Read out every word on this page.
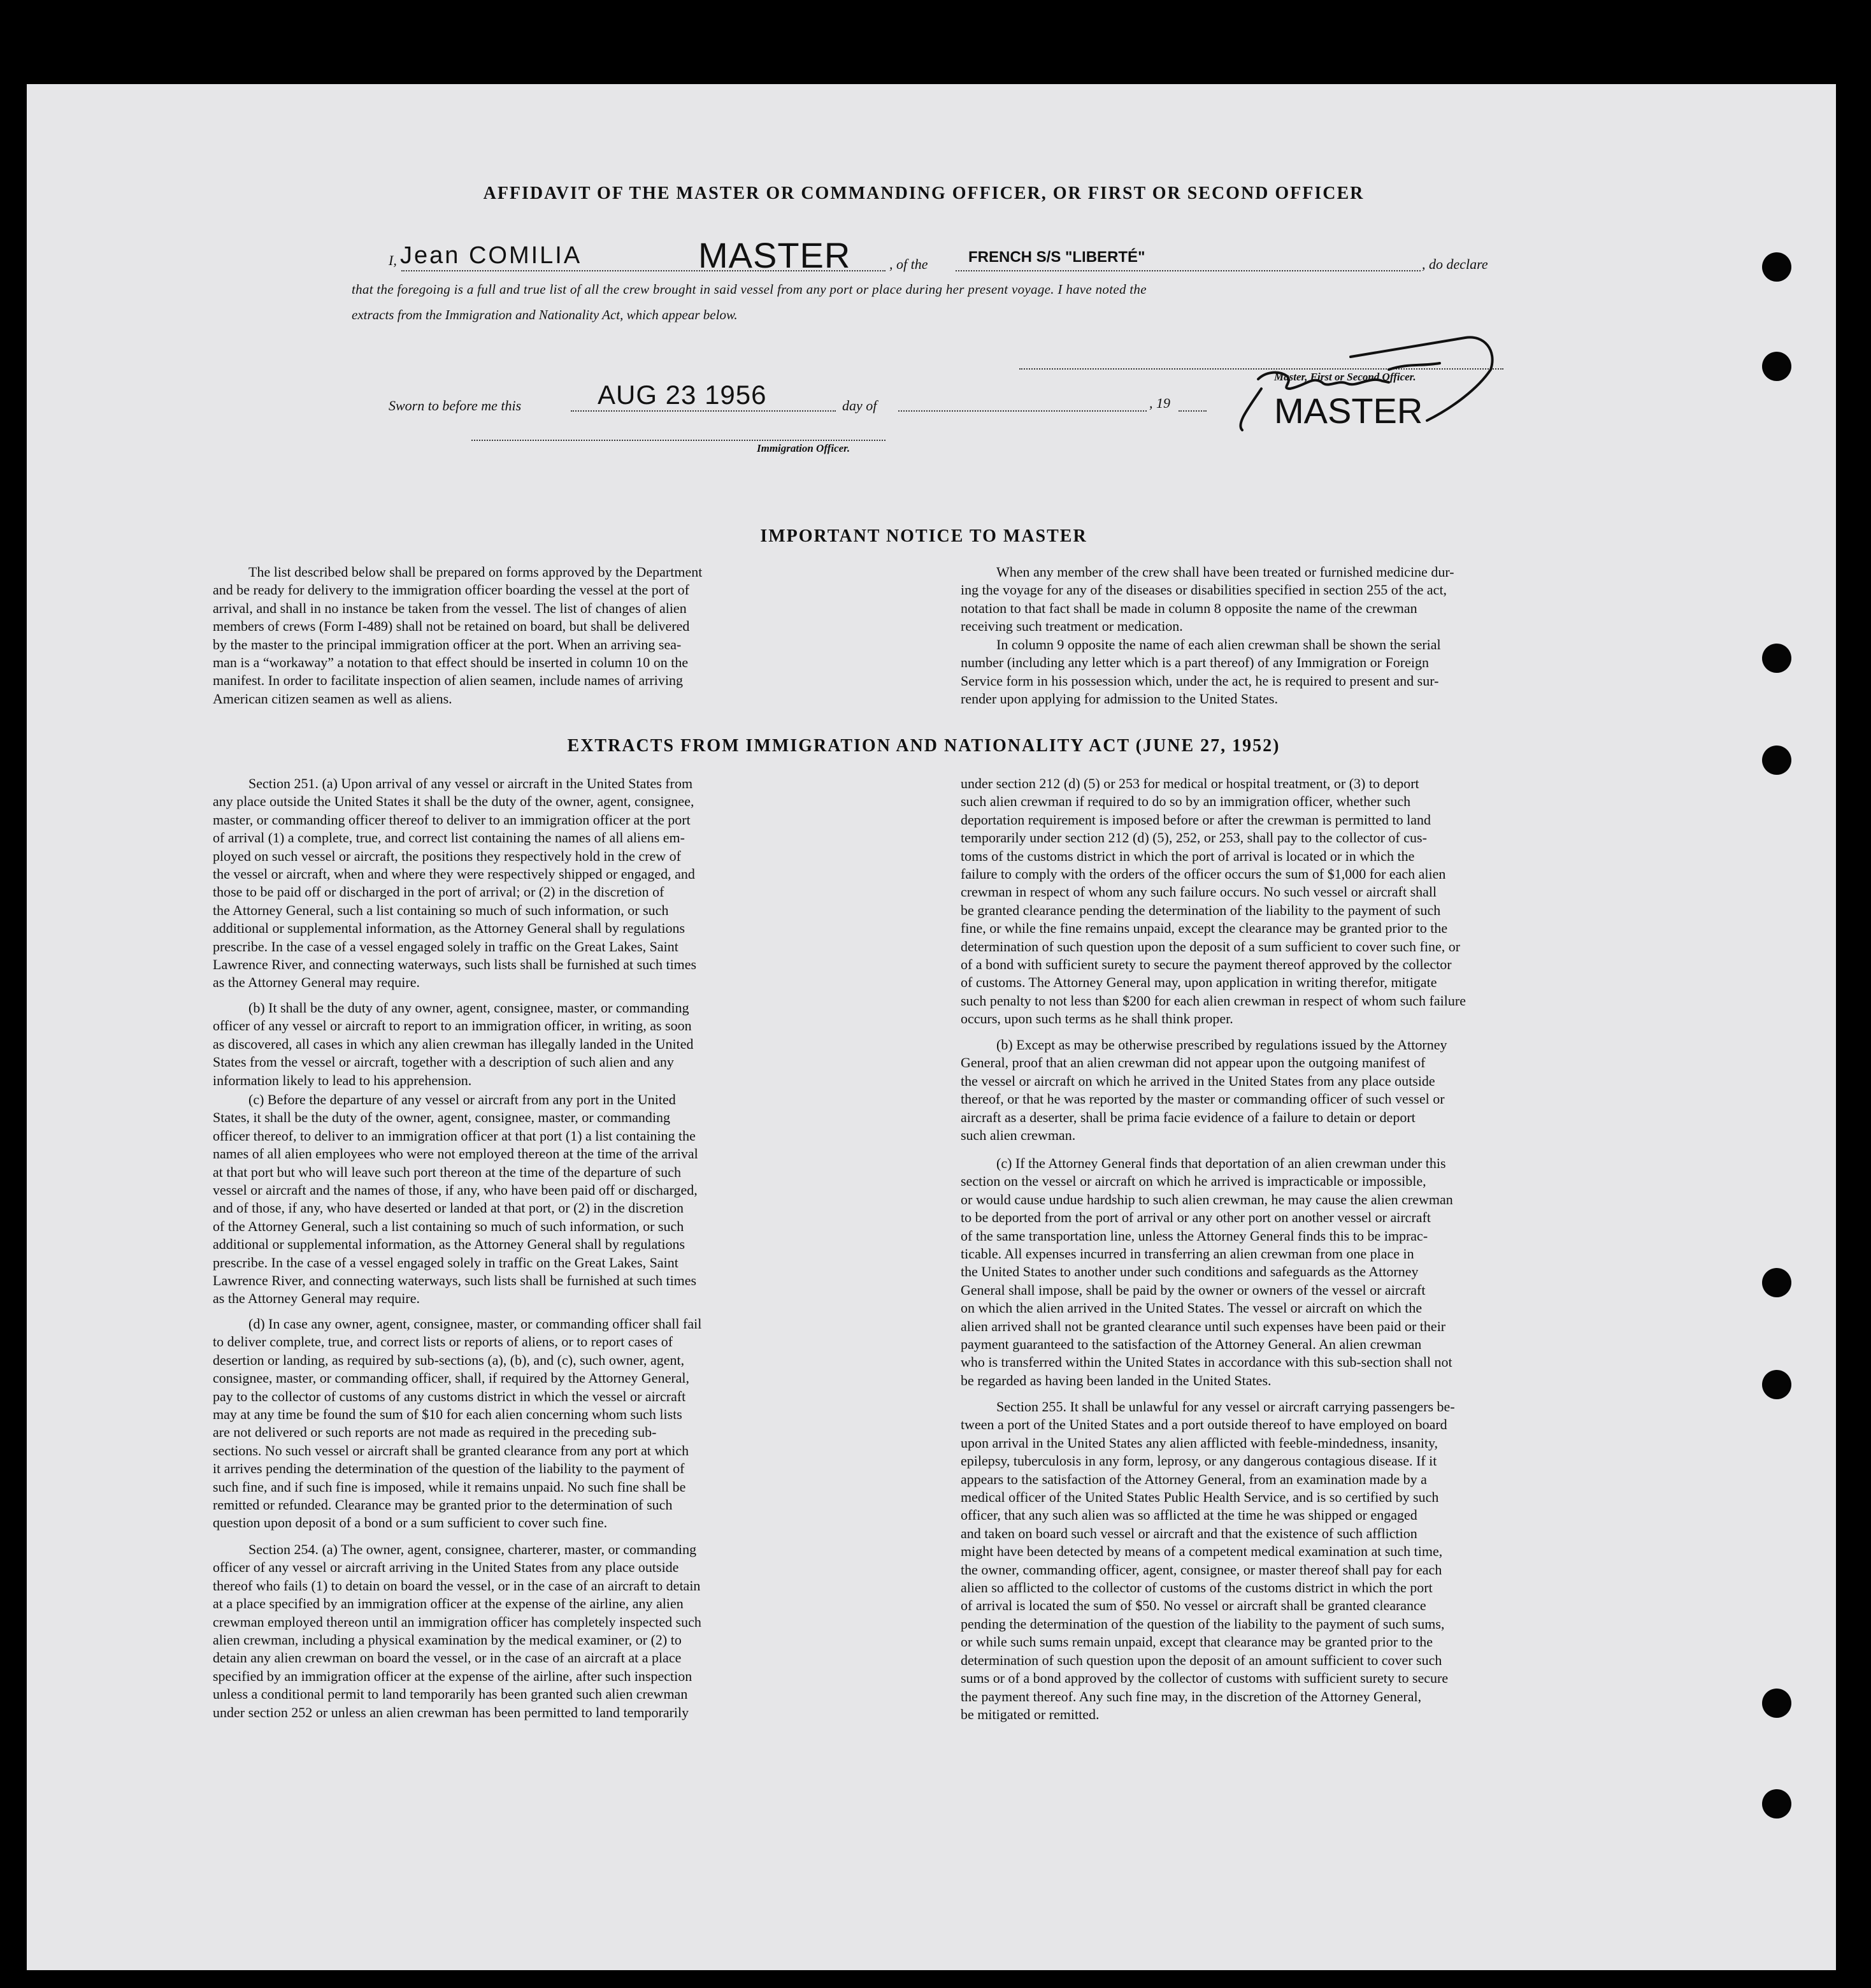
AFFIDAVIT OF THE MASTER OR COMMANDING OFFICER, OR FIRST OR SECOND OFFICER
I, Jean COMILIA	MASTER	, of the	FRENCH S/S "LIBERTÉ"	, do declare
that the foregoing is a full and true list of all the crew brought in said vessel from any port or place during her present voyage. I have noted the
extracts from the Immigration and Nationality Act, which appear below.
Master, First or Second Officer.
Sworn to before me this	AUG 23 1956	day of	, 19	MASTER
Immigration Officer.
IMPORTANT NOTICE TO MASTER
The list described below shall be prepared on forms approved by the Department
and be ready for delivery to the immigration officer boarding the vessel at the port of
arrival, and shall in no instance be taken from the vessel. The list of changes of alien
members of crews (Form I-489) shall not be retained on board, but shall be delivered
by the master to the principal immigration officer at the port. When an arriving sea-
man is a “workaway” a notation to that effect should be inserted in column 10 on the
manifest. In order to facilitate inspection of alien seamen, include names of arriving
American citizen seamen as well as aliens.
When any member of the crew shall have been treated or furnished medicine dur-
ing the voyage for any of the diseases or disabilities specified in section 255 of the act,
notation to that fact shall be made in column 8 opposite the name of the crewman
receiving such treatment or medication.
In column 9 opposite the name of each alien crewman shall be shown the serial
number (including any letter which is a part thereof) of any Immigration or Foreign
Service form in his possession which, under the act, he is required to present and sur-
render upon applying for admission to the United States.
EXTRACTS FROM IMMIGRATION AND NATIONALITY ACT (JUNE 27, 1952)
Section 251. (a) Upon arrival of any vessel or aircraft in the United States from
any place outside the United States it shall be the duty of the owner, agent, consignee,
master, or commanding officer thereof to deliver to an immigration officer at the port
of arrival (1) a complete, true, and correct list containing the names of all aliens em-
ployed on such vessel or aircraft, the positions they respectively hold in the crew of
the vessel or aircraft, when and where they were respectively shipped or engaged, and
those to be paid off or discharged in the port of arrival; or (2) in the discretion of
the Attorney General, such a list containing so much of such information, or such
additional or supplemental information, as the Attorney General shall by regulations
prescribe. In the case of a vessel engaged solely in traffic on the Great Lakes, Saint
Lawrence River, and connecting waterways, such lists shall be furnished at such times
as the Attorney General may require.
(b) It shall be the duty of any owner, agent, consignee, master, or commanding
officer of any vessel or aircraft to report to an immigration officer, in writing, as soon
as discovered, all cases in which any alien crewman has illegally landed in the United
States from the vessel or aircraft, together with a description of such alien and any
information likely to lead to his apprehension.
(c) Before the departure of any vessel or aircraft from any port in the United
States, it shall be the duty of the owner, agent, consignee, master, or commanding
officer thereof, to deliver to an immigration officer at that port (1) a list containing the
names of all alien employees who were not employed thereon at the time of the arrival
at that port but who will leave such port thereon at the time of the departure of such
vessel or aircraft and the names of those, if any, who have been paid off or discharged,
and of those, if any, who have deserted or landed at that port, or (2) in the discretion
of the Attorney General, such a list containing so much of such information, or such
additional or supplemental information, as the Attorney General shall by regulations
prescribe. In the case of a vessel engaged solely in traffic on the Great Lakes, Saint
Lawrence River, and connecting waterways, such lists shall be furnished at such times
as the Attorney General may require.
(d) In case any owner, agent, consignee, master, or commanding officer shall fail
to deliver complete, true, and correct lists or reports of aliens, or to report cases of
desertion or landing, as required by sub-sections (a), (b), and (c), such owner, agent,
consignee, master, or commanding officer, shall, if required by the Attorney General,
pay to the collector of customs of any customs district in which the vessel or aircraft
may at any time be found the sum of $10 for each alien concerning whom such lists
are not delivered or such reports are not made as required in the preceding sub-
sections. No such vessel or aircraft shall be granted clearance from any port at which
it arrives pending the determination of the question of the liability to the payment of
such fine, and if such fine is imposed, while it remains unpaid. No such fine shall be
remitted or refunded. Clearance may be granted prior to the determination of such
question upon deposit of a bond or a sum sufficient to cover such fine.
Section 254. (a) The owner, agent, consignee, charterer, master, or commanding
officer of any vessel or aircraft arriving in the United States from any place outside
thereof who fails (1) to detain on board the vessel, or in the case of an aircraft to detain
at a place specified by an immigration officer at the expense of the airline, any alien
crewman employed thereon until an immigration officer has completely inspected such
alien crewman, including a physical examination by the medical examiner, or (2) to
detain any alien crewman on board the vessel, or in the case of an aircraft at a place
specified by an immigration officer at the expense of the airline, after such inspection
unless a conditional permit to land temporarily has been granted such alien crewman
under section 252 or unless an alien crewman has been permitted to land temporarily
under section 212 (d) (5) or 253 for medical or hospital treatment, or (3) to deport
such alien crewman if required to do so by an immigration officer, whether such
deportation requirement is imposed before or after the crewman is permitted to land
temporarily under section 212 (d) (5), 252, or 253, shall pay to the collector of cus-
toms of the customs district in which the port of arrival is located or in which the
failure to comply with the orders of the officer occurs the sum of $1,000 for each alien
crewman in respect of whom any such failure occurs. No such vessel or aircraft shall
be granted clearance pending the determination of the liability to the payment of such
fine, or while the fine remains unpaid, except the clearance may be granted prior to the
determination of such question upon the deposit of a sum sufficient to cover such fine, or
of a bond with sufficient surety to secure the payment thereof approved by the collector
of customs. The Attorney General may, upon application in writing therefor, mitigate
such penalty to not less than $200 for each alien crewman in respect of whom such failure
occurs, upon such terms as he shall think proper.
(b) Except as may be otherwise prescribed by regulations issued by the Attorney
General, proof that an alien crewman did not appear upon the outgoing manifest of
the vessel or aircraft on which he arrived in the United States from any place outside
thereof, or that he was reported by the master or commanding officer of such vessel or
aircraft as a deserter, shall be prima facie evidence of a failure to detain or deport
such alien crewman.
(c) If the Attorney General finds that deportation of an alien crewman under this
section on the vessel or aircraft on which he arrived is impracticable or impossible,
or would cause undue hardship to such alien crewman, he may cause the alien crewman
to be deported from the port of arrival or any other port on another vessel or aircraft
of the same transportation line, unless the Attorney General finds this to be imprac-
ticable. All expenses incurred in transferring an alien crewman from one place in
the United States to another under such conditions and safeguards as the Attorney
General shall impose, shall be paid by the owner or owners of the vessel or aircraft
on which the alien arrived in the United States. The vessel or aircraft on which the
alien arrived shall not be granted clearance until such expenses have been paid or their
payment guaranteed to the satisfaction of the Attorney General. An alien crewman
who is transferred within the United States in accordance with this sub-section shall not
be regarded as having been landed in the United States.
Section 255. It shall be unlawful for any vessel or aircraft carrying passengers be-
tween a port of the United States and a port outside thereof to have employed on board
upon arrival in the United States any alien afflicted with feeble-mindedness, insanity,
epilepsy, tuberculosis in any form, leprosy, or any dangerous contagious disease. If it
appears to the satisfaction of the Attorney General, from an examination made by a
medical officer of the United States Public Health Service, and is so certified by such
officer, that any such alien was so afflicted at the time he was shipped or engaged
and taken on board such vessel or aircraft and that the existence of such affliction
might have been detected by means of a competent medical examination at such time,
the owner, commanding officer, agent, consignee, or master thereof shall pay for each
alien so afflicted to the collector of customs of the customs district in which the port
of arrival is located the sum of $50. No vessel or aircraft shall be granted clearance
pending the determination of the question of the liability to the payment of such sums,
or while such sums remain unpaid, except that clearance may be granted prior to the
determination of such question upon the deposit of an amount sufficient to cover such
sums or of a bond approved by the collector of customs with sufficient surety to secure
the payment thereof. Any such fine may, in the discretion of the Attorney General,
be mitigated or remitted.
